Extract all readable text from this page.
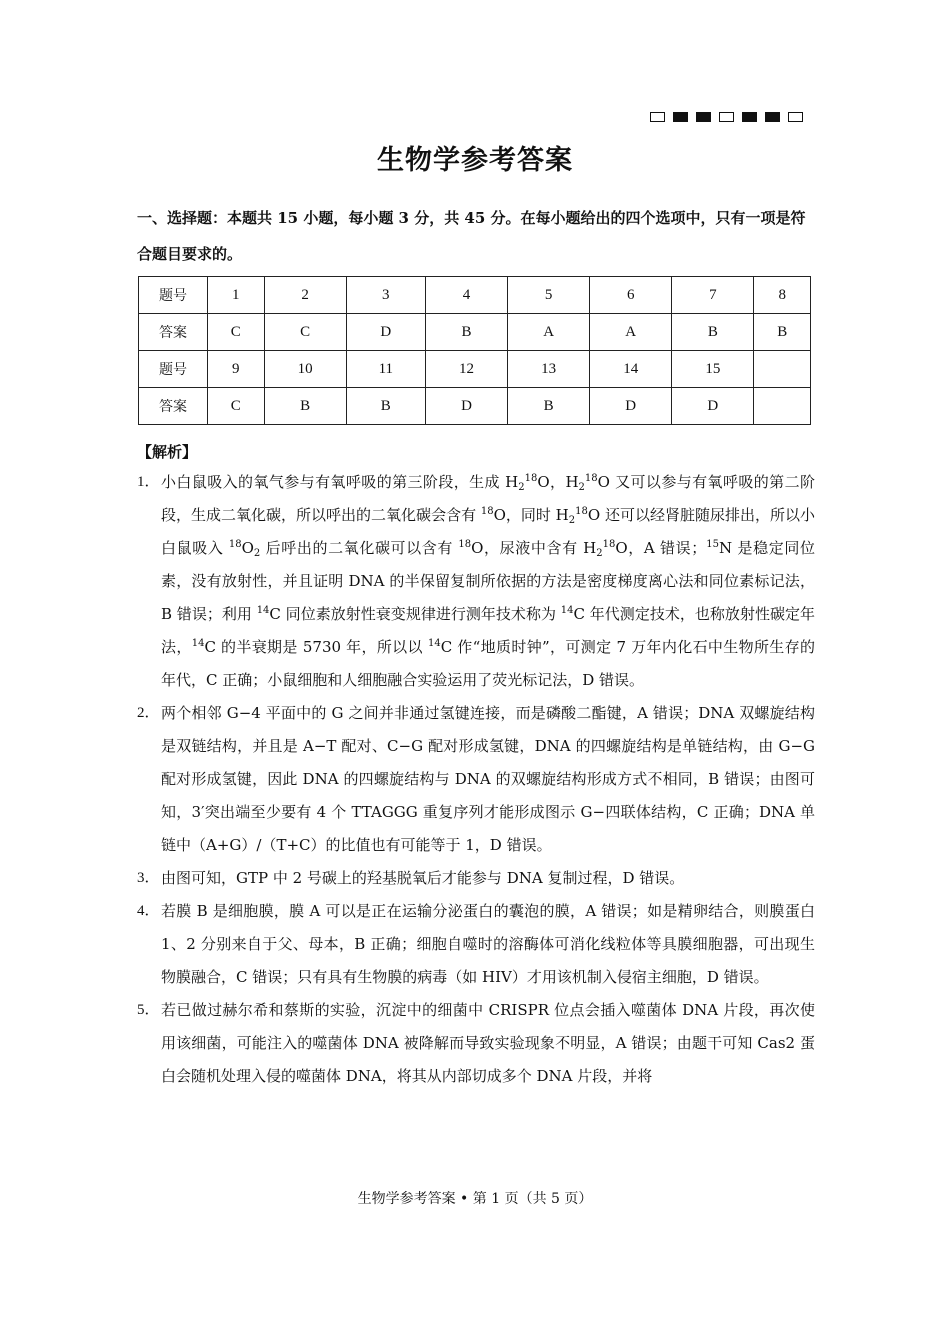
生物学参考答案

一、选择题：本题共 15 小题，每小题 3 分，共 45 分。在每小题给出的四个选项中，只有一项是符合题目要求的。

题号	1	2	3	4	5	6	7	8
答案	C	C	D	B	A	A	B	B
题号	9	10	11	12	13	14	15	
答案	C	B	B	D	B	D	D	

【解析】

1． 小白鼠吸入的氧气参与有氧呼吸的第三阶段，生成 $H_2^{18}O$，$H_2^{18}O$ 又可以参与有氧呼吸的第二阶段，生成二氧化碳，所以呼出的二氧化碳会含有 $^{18}$O，同时 $H_2^{18}O$ 还可以经肾脏随尿排出，所以小白鼠吸入 $^{18}O_2$ 后呼出的二氧化碳可以含有 $^{18}$O，尿液中含有 $H_2^{18}O$，A 错误；$^{15}$N 是稳定同位素，没有放射性，并且证明 DNA 的半保留复制所依据的方法是密度梯度离心法和同位素标记法，B 错误；利用 $^{14}$C 同位素放射性衰变规律进行测年技术称为 $^{14}$C 年代测定技术，也称放射性碳定年法，$^{14}$C 的半衰期是 5730 年，所以以 $^{14}$C 作“地质时钟”，可测定 7 万年内化石中生物所生存的年代，C 正确；小鼠细胞和人细胞融合实验运用了荧光标记法，D 错误。
2． 两个相邻 G−4 平面中的 G 之间并非通过氢键连接，而是磷酸二酯键，A 错误；DNA 双螺旋结构是双链结构，并且是 A−T 配对、C−G 配对形成氢键，DNA 的四螺旋结构是单链结构，由 G−G 配对形成氢键，因此 DNA 的四螺旋结构与 DNA 的双螺旋结构形成方式不相同，B 错误；由图可知，3′突出端至少要有 4 个 TTAGGG 重复序列才能形成图示 G−四联体结构，C 正确；DNA 单链中（A+G）/（T+C）的比值也有可能等于 1，D 错误。
3． 由图可知，GTP 中 2 号碳上的羟基脱氧后才能参与 DNA 复制过程，D 错误。
4． 若膜 B 是细胞膜，膜 A 可以是正在运输分泌蛋白的囊泡的膜，A 错误；如是精卵结合，则膜蛋白 1、2 分别来自于父、母本，B 正确；细胞自噬时的溶酶体可消化线粒体等具膜细胞器，可出现生物膜融合，C 错误；只有具有生物膜的病毒（如 HIV）才用该机制入侵宿主细胞，D 错误。
5． 若已做过赫尔希和蔡斯的实验，沉淀中的细菌中 CRISPR 位点会插入噬菌体 DNA 片段，再次使用该细菌，可能注入的噬菌体 DNA 被降解而导致实验现象不明显，A 错误；由题干可知 Cas2 蛋白会随机处理入侵的噬菌体 DNA，将其从内部切成多个 DNA 片段，并将

生物学参考答案 • 第 1 页（共 5 页）
